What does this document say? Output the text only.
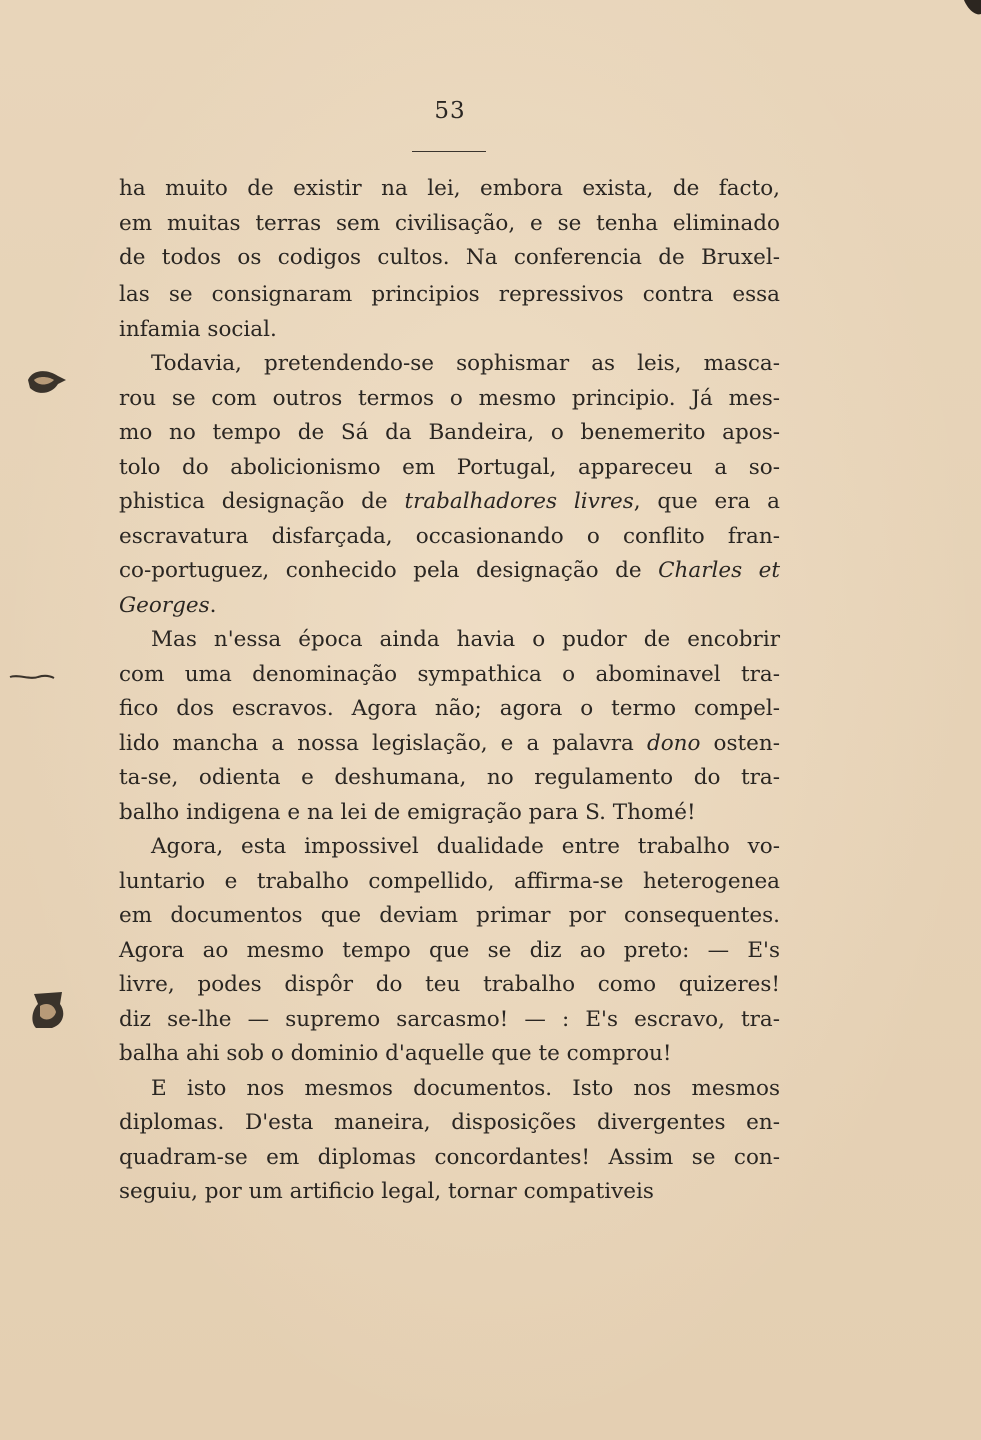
53
ha muito de existir na lei, embora exista, de facto,
em muitas terras sem civilisação, e se tenha eliminado
de todos os codigos cultos. Na conferencia de Bruxel-
las se consignaram principios repressivos contra essa
infamia social.
Todavia, pretendendo-se sophismar as leis, masca-
rou se com outros termos o mesmo principio. Já mes-
mo no tempo de Sá da Bandeira, o benemerito apos-
tolo do abolicionismo em Portugal, appareceu a so-
phistica designação de trabalhadores livres, que era a
escravatura disfarçada, occasionando o conflito fran-
co-portuguez, conhecido pela designação de Charles et
Georges.
Mas n'essa época ainda havia o pudor de encobrir
com uma denominação sympathica o abominavel tra-
fico dos escravos. Agora não; agora o termo compel-
lido mancha a nossa legislação, e a palavra dono osten-
ta-se, odienta e deshumana, no regulamento do tra-
balho indigena e na lei de emigração para S. Thomé!
Agora, esta impossivel dualidade entre trabalho vo-
luntario e trabalho compellido, affirma-se heterogenea
em documentos que deviam primar por consequentes.
Agora ao mesmo tempo que se diz ao preto: — E's
livre, podes dispôr do teu trabalho como quizeres!
diz se-lhe — supremo sarcasmo! — : E's escravo, tra-
balha ahi sob o dominio d'aquelle que te comprou!
E isto nos mesmos documentos. Isto nos mesmos
diplomas. D'esta maneira, disposições divergentes en-
quadram-se em diplomas concordantes! Assim se con-
seguiu, por um artificio legal, tornar compativeis
